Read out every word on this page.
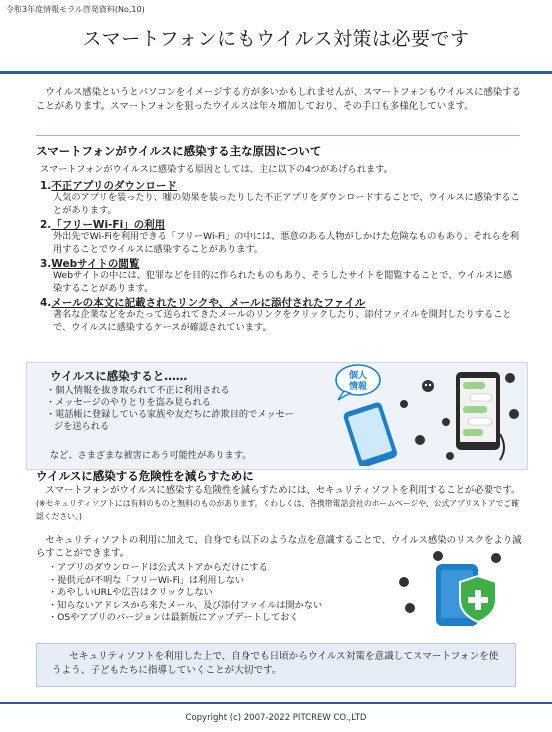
令和3年度情報モラル啓発資料(No,10)
スマートフォンにもウイルス対策は必要です
ウイルス感染というとパソコンをイメージする方が多いかもしれませんが、スマートフォンもウイルスに感染することがあります。スマートフォンを狙ったウイルスは年々増加しており、その手口も多様化しています。
スマートフォンがウイルスに感染する主な原因について
スマートフォンがウイルスに感染する原因としては、主に以下の4つがあげられます。
1.不正アプリのダウンロード
人気のアプリを装ったり、嘘の効果を装ったりした不正アプリをダウンロードすることで、ウイルスに感染することがあります。
2.「フリーWi-Fi」の利用
外出先でWi-Fiを利用できる「フリーWi-Fi」の中には、悪意のある人物がしかけた危険なものもあり、それらを利用することでウイルスに感染することがあります。
3.Webサイトの閲覧
Webサイトの中には、犯罪などを目的に作られたものもあり、そうしたサイトを閲覧することで、ウイルスに感染することがあります。
4.メールの本文に記載されたリンクや、メールに添付されたファイル
著名な企業などをかたって送られてきたメールのリンクをクリックしたり、添付ファイルを開封したりすることで、ウイルスに感染するケースが確認されています。
ウイルスに感染すると……
・個人情報を抜き取られて不正に利用される
・メッセージのやりとりを盗み見られる
・電話帳に登録している家族や友だちに詐欺目的でメッセージを送られる
など、さまざまな被害にあう可能性があります。
個人
情報
ウイルスに感染する危険性を減らすために
スマートフォンがウイルスに感染する危険性を減らすためには、セキュリティソフトを利用することが必要です。(※セキュリティソフトには有料のものと無料のものがあります。くわしくは、各携帯電話会社のホームページや、公式アプリストアでご確認ください。)
セキュリティソフトの利用に加えて、自身でも以下のような点を意識することで、ウイルス感染のリスクをより減らすことができます。
・アプリのダウンロードは公式ストアからだけにする
・提供元が不明な「フリーWi-Fi」は利用しない
・あやしいURLや広告はクリックしない
・知らないアドレスから来たメール、及び添付ファイルは開かない
・OSやアプリのバージョンは最新版にアップデートしておく
セキュリティソフトを利用した上で、自身でも日頃からウイルス対策を意識してスマートフォンを使うよう、子どもたちに指導していくことが大切です。
Copyright (c) 2007-2022 PITCREW CO.,LTD
